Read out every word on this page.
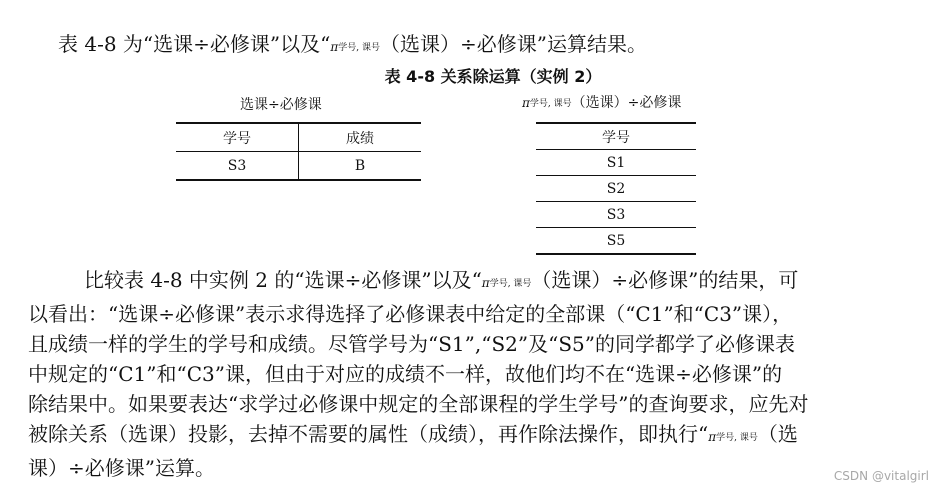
表 4-8 为“选课÷必修课”以及“π学号, 课号（选课）÷必修课”运算结果。
表 4-8 关系除运算（实例 2）
选课÷必修课	π学号, 课号（选课）÷必修课
学号	成绩
S3	B
学号
S1
S2
S3
S5
比较表 4-8 中实例 2 的“选课÷必修课”以及“π学号, 课号（选课）÷必修课”的结果，可
以看出：“选课÷必修课”表示求得选择了必修课表中给定的全部课（“C1”和“C3”课），
且成绩一样的学生的学号和成绩。尽管学号为“S1”,“S2”及“S5”的同学都学了必修课表
中规定的“C1”和“C3”课，但由于对应的成绩不一样，故他们均不在“选课÷必修课”的
除结果中。如果要表达“求学过必修课中规定的全部课程的学生学号”的查询要求，应先对
被除关系（选课）投影，去掉不需要的属性（成绩），再作除法操作，即执行“π学号, 课号（选
课）÷必修课”运算。	CSDN @vitalgirl
